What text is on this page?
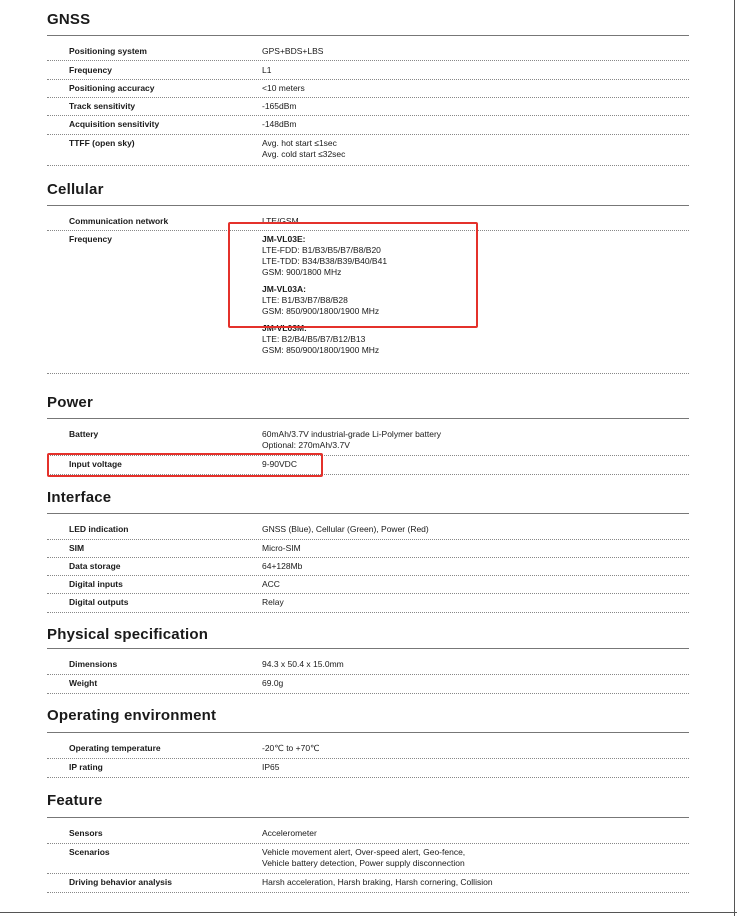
GNSS
Positioning system	GPS+BDS+LBS
Frequency	L1
Positioning accuracy	<10 meters
Track sensitivity	-165dBm
Acquisition sensitivity	-148dBm
TTFF (open sky)	Avg. hot start ≤1sec
Avg. cold start ≤32sec
Cellular
Communication network	LTE/GSM
Frequency	JM-VL03E:
LTE-FDD: B1/B3/B5/B7/B8/B20
LTE-TDD: B34/B38/B39/B40/B41
GSM: 900/1800 MHz
JM-VL03A:
LTE: B1/B3/B7/B8/B28
GSM: 850/900/1800/1900 MHz
JM-VL03M:
LTE: B2/B4/B5/B7/B12/B13
GSM: 850/900/1800/1900 MHz
Power
Battery	60mAh/3.7V industrial-grade Li-Polymer battery
Optional: 270mAh/3.7V
Input voltage	9-90VDC
Interface
LED indication	GNSS (Blue), Cellular (Green), Power (Red)
SIM	Micro-SIM
Data storage	64+128Mb
Digital inputs	ACC
Digital outputs	Relay
Physical specification
Dimensions	94.3 x 50.4 x 15.0mm
Weight	69.0g
Operating environment
Operating temperature	-20℃ to +70℃
IP rating	IP65
Feature
Sensors	Accelerometer
Scenarios	Vehicle movement alert, Over-speed alert, Geo-fence,
Vehicle battery detection, Power supply disconnection
Driving behavior analysis	Harsh acceleration, Harsh braking, Harsh cornering, Collision
